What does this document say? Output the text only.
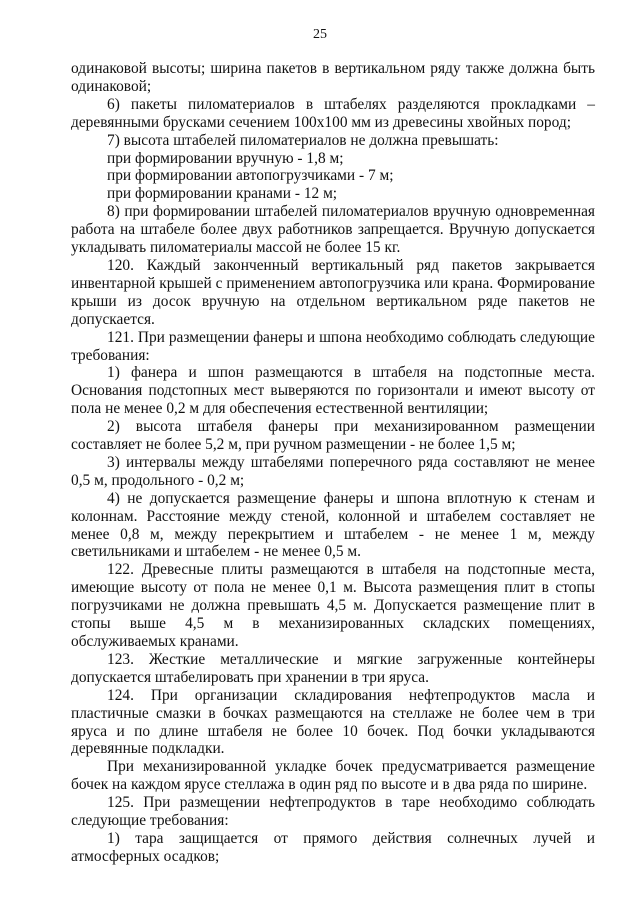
25

одинаковой высоты; ширина пакетов в вертикальном ряду также должна быть одинаковой;

6) пакеты пиломатериалов в штабелях разделяются прокладками – деревянными брусками сечением 100х100 мм из древесины хвойных пород;

7) высота штабелей пиломатериалов не должна превышать:

при формировании вручную - 1,8 м;

при формировании автопогрузчиками - 7 м;

при формировании кранами - 12 м;

8) при формировании штабелей пиломатериалов вручную одновременная работа на штабеле более двух работников запрещается. Вручную допускается укладывать пиломатериалы массой не более 15 кг.

120. Каждый законченный вертикальный ряд пакетов закрывается инвентарной крышей с применением автопогрузчика или крана. Формирование крыши из досок вручную на отдельном вертикальном ряде пакетов не допускается.

121. При размещении фанеры и шпона необходимо соблюдать следующие требования:

1) фанера и шпон размещаются в штабеля на подстопные места. Основания подстопных мест выверяются по горизонтали и имеют высоту от пола не менее 0,2 м для обеспечения естественной вентиляции;

2) высота штабеля фанеры при механизированном размещении составляет не более 5,2 м, при ручном размещении - не более 1,5 м;

3) интервалы между штабелями поперечного ряда составляют не менее 0,5 м, продольного - 0,2 м;

4) не допускается размещение фанеры и шпона вплотную к стенам и колоннам. Расстояние между стеной, колонной и штабелем составляет не менее 0,8 м, между перекрытием и штабелем - не менее 1 м, между светильниками и штабелем - не менее 0,5 м.

122. Древесные плиты размещаются в штабеля на подстопные места, имеющие высоту от пола не менее 0,1 м. Высота размещения плит в стопы погрузчиками не должна превышать 4,5 м. Допускается размещение плит в стопы выше 4,5 м в механизированных складских помещениях, обслуживаемых кранами.

123. Жесткие металлические и мягкие загруженные контейнеры допускается штабелировать при хранении в три яруса.

124. При организации складирования нефтепродуктов масла и пластичные смазки в бочках размещаются на стеллаже не более чем в три яруса и по длине штабеля не более 10 бочек. Под бочки укладываются деревянные подкладки.

При механизированной укладке бочек предусматривается размещение бочек на каждом ярусе стеллажа в один ряд по высоте и в два ряда по ширине.

125. При размещении нефтепродуктов в таре необходимо соблюдать следующие требования:

1) тара защищается от прямого действия солнечных лучей и атмосферных осадков;
